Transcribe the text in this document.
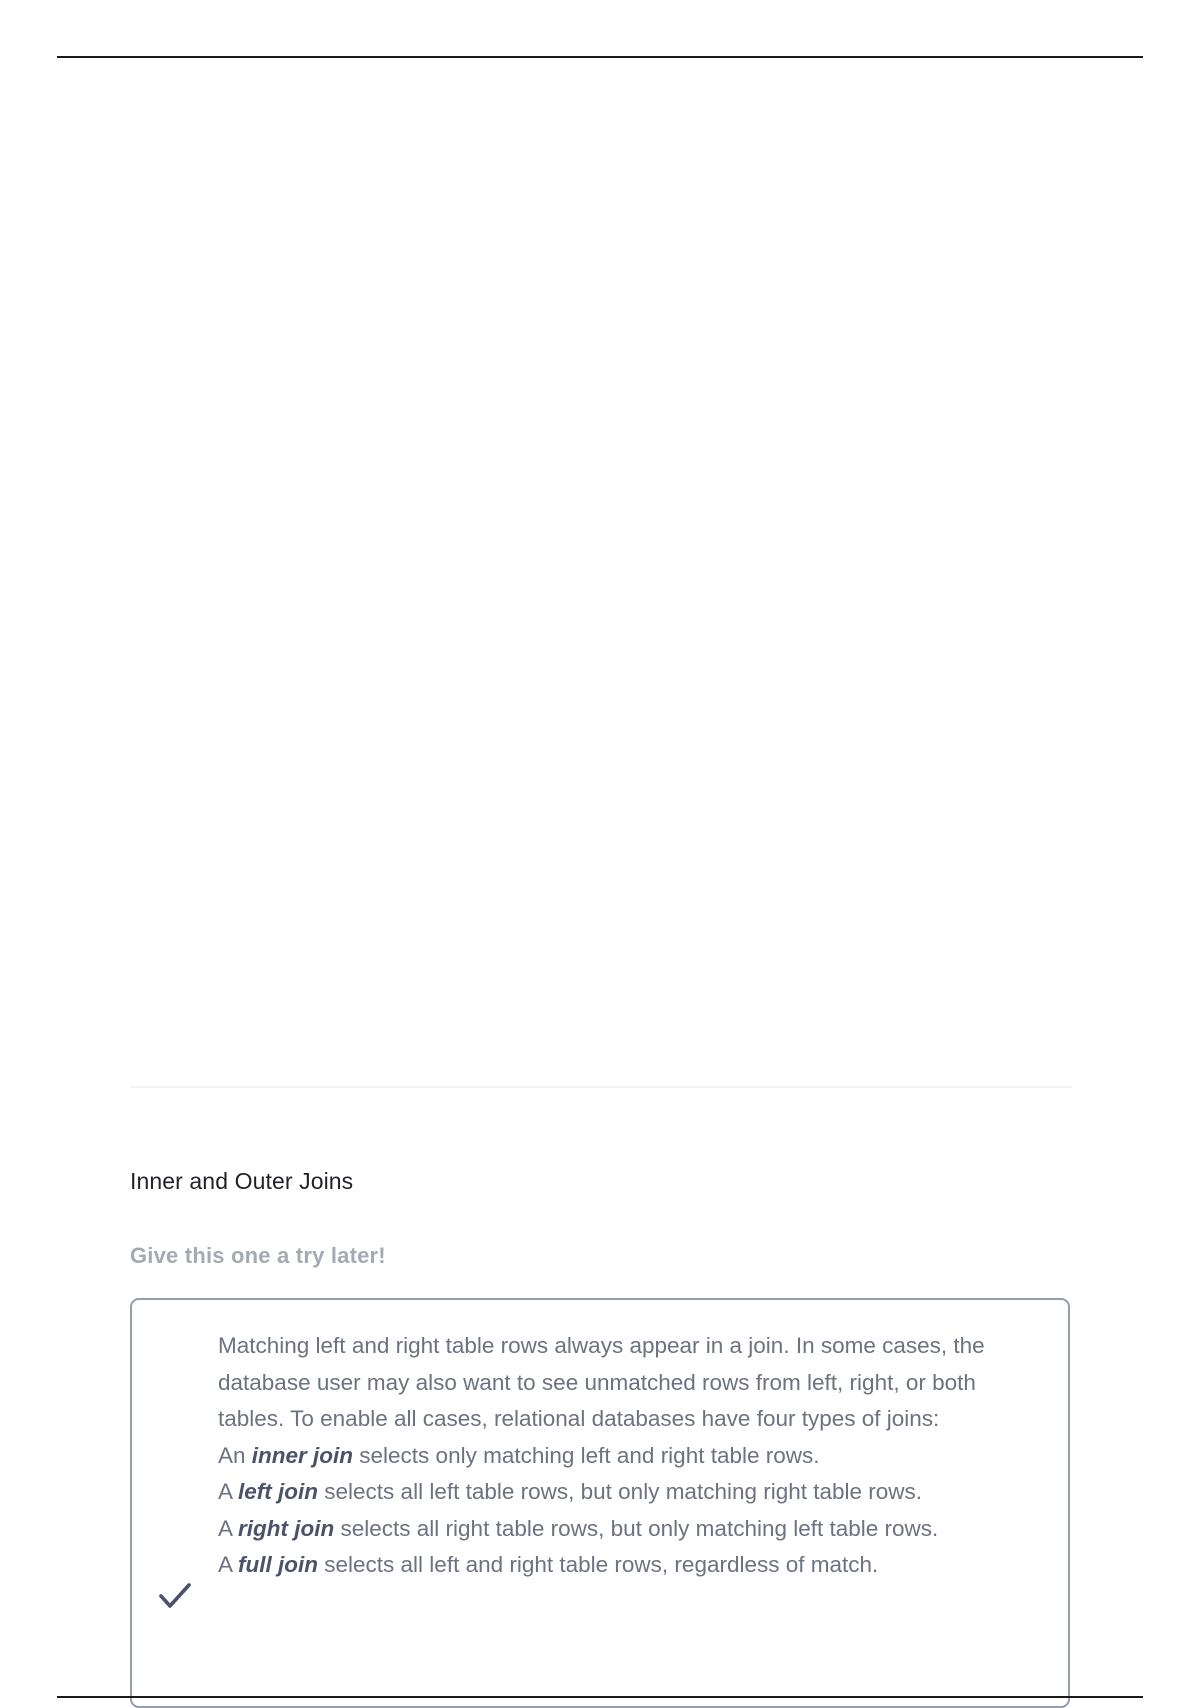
Inner and Outer Joins
Give this one a try later!

Matching left and right table rows always appear in a join. In some cases, the database user may also want to see unmatched rows from left, right, or both tables. To enable all cases, relational databases have four types of joins:

An inner join selects only matching left and right table rows.

A left join selects all left table rows, but only matching right table rows.

A right join selects all right table rows, but only matching left table rows.

A full join selects all left and right table rows, regardless of match.
